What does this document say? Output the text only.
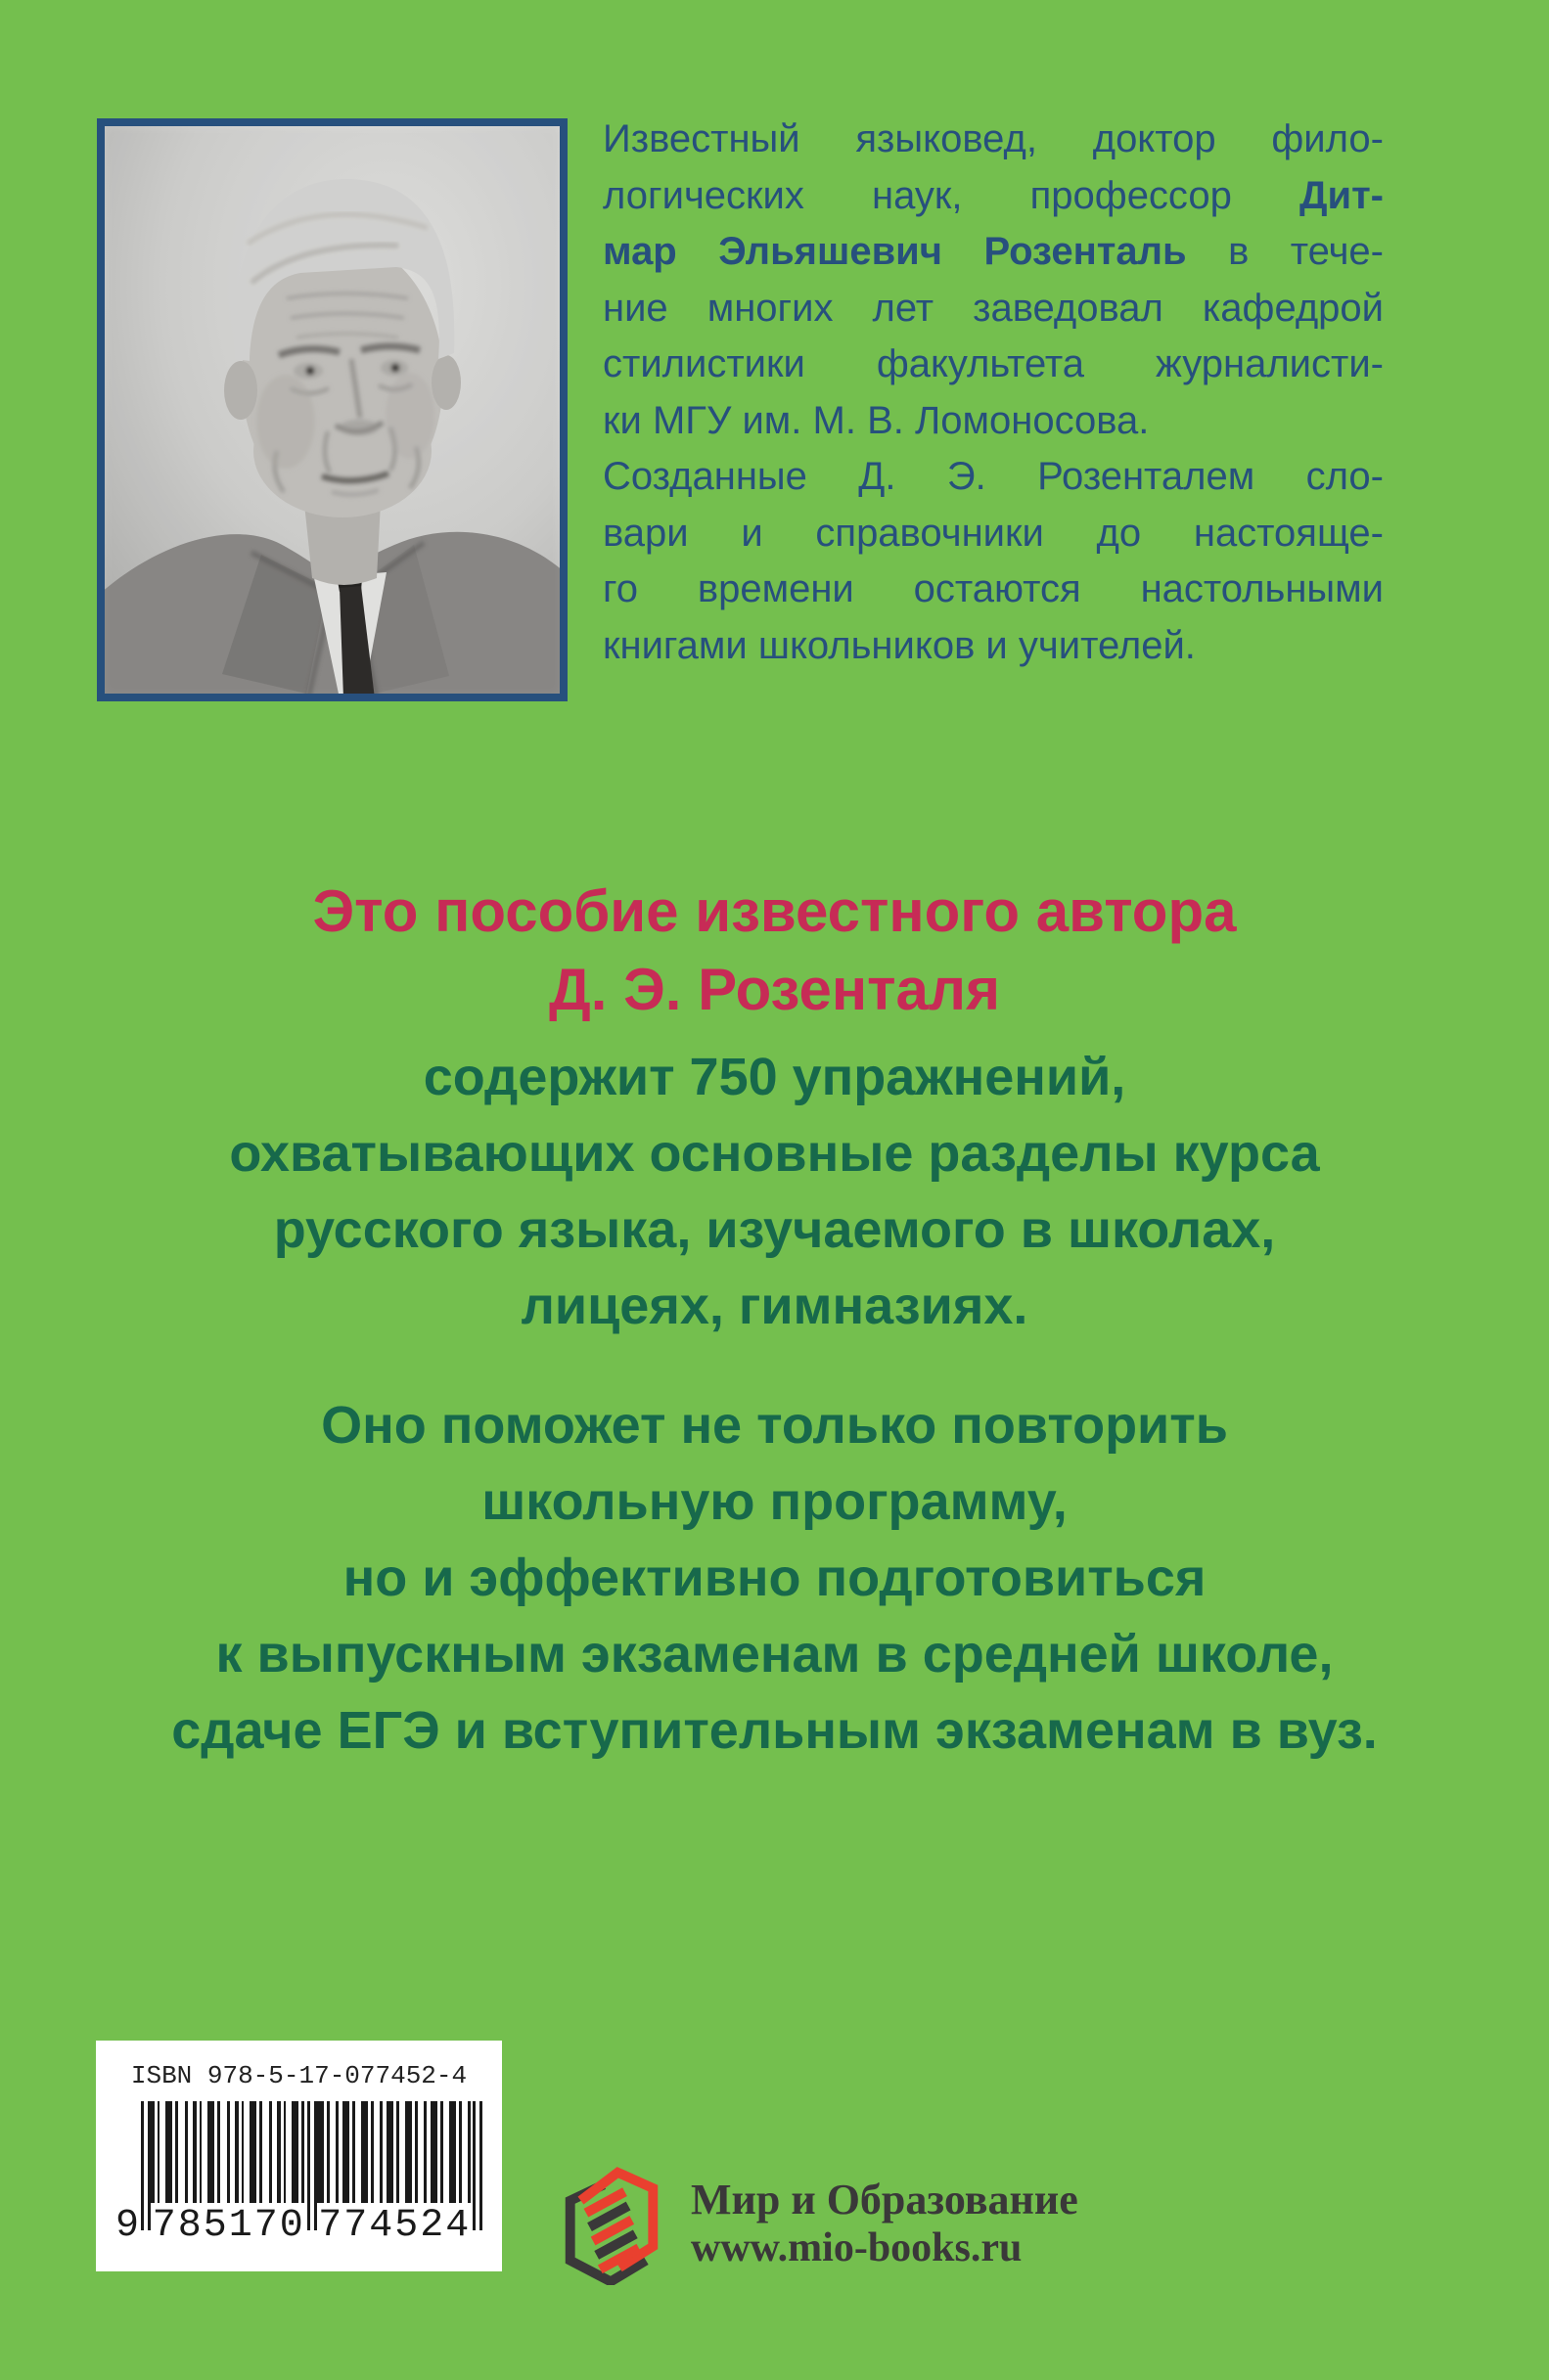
Известный языковед, доктор фило-
логических наук, профессор Дит-
мар Эльяшевич Розенталь в тече-
ние многих лет заведовал кафедрой
стилистики факультета журналисти-
ки МГУ им. М. В. Ломоносова.
Созданные Д. Э. Розенталем сло-
вари и справочники до настояще-
го времени остаются настольными
книгами школьников и учителей.
Это пособие известного автора
Д. Э. Розенталя
содержит 750 упражнений,
охватывающих основные разделы курса
русского языка, изучаемого в школах,
лицеях, гимназиях.
Оно поможет не только повторить
школьную программу,
но и эффективно подготовиться
к выпускным экзаменам в средней школе,
сдаче ЕГЭ и вступительным экзаменам в вуз.
ISBN 978-5-17-077452-4
9 785170 774524
Мир и Образование
www.mio-books.ru
